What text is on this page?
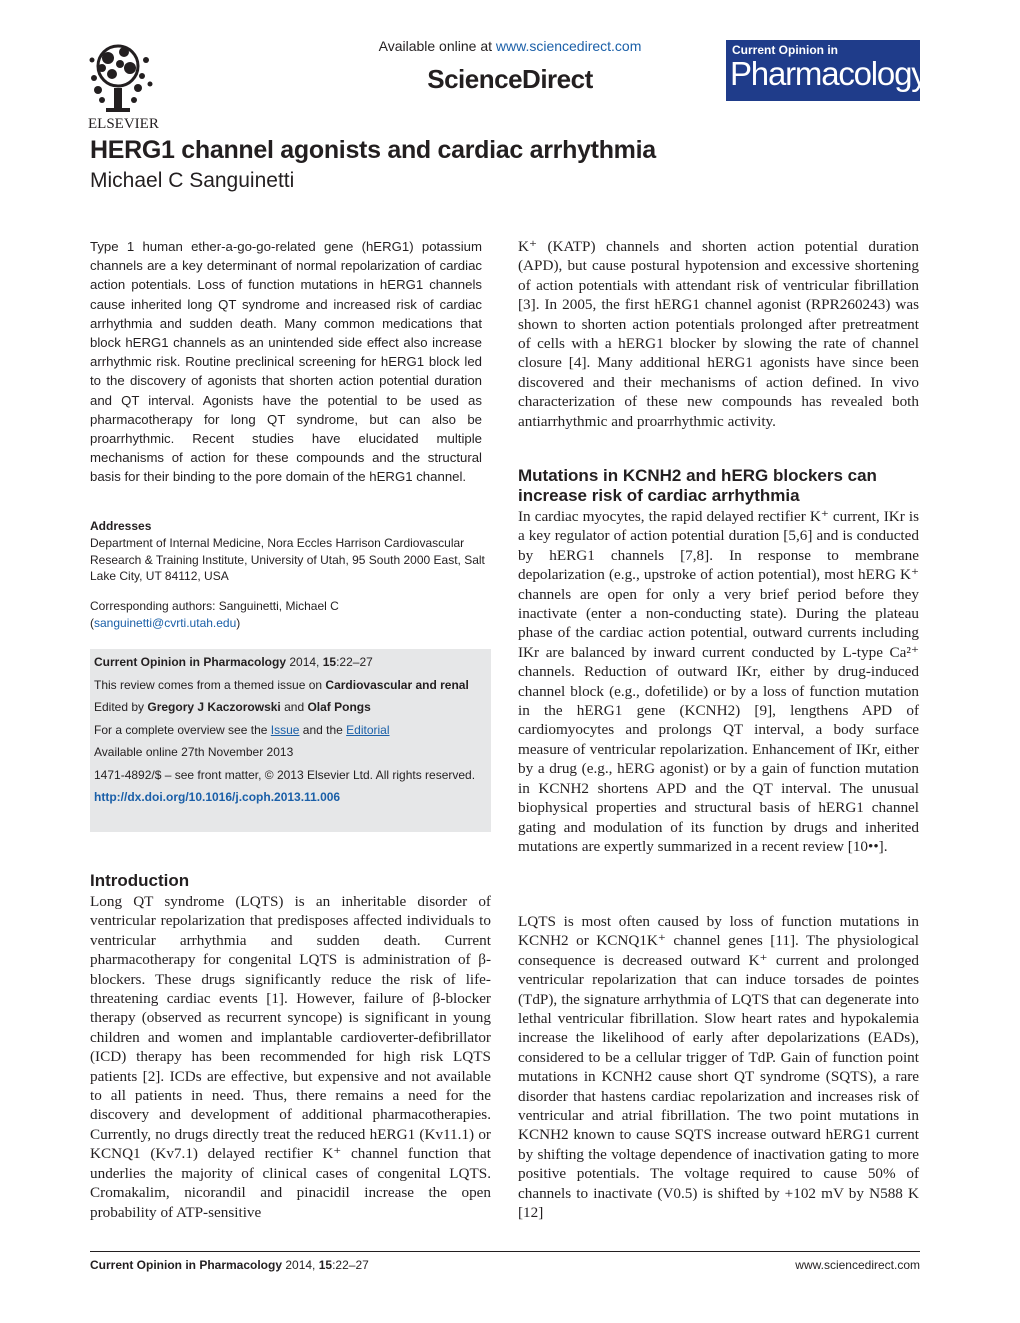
ELSEVIER
Available online at www.sciencedirect.com
ScienceDirect
Current Opinion in
Pharmacology
HERG1 channel agonists and cardiac arrhythmia
Michael C Sanguinetti

Type 1 human ether-a-go-go-related gene (hERG1) potassium channels are a key determinant of normal repolarization of cardiac action potentials. Loss of function mutations in hERG1 channels cause inherited long QT syndrome and increased risk of cardiac arrhythmia and sudden death. Many common medications that block hERG1 channels as an unintended side effect also increase arrhythmic risk. Routine preclinical screening for hERG1 block led to the discovery of agonists that shorten action potential duration and QT interval. Agonists have the potential to be used as pharmacotherapy for long QT syndrome, but can also be proarrhythmic. Recent studies have elucidated multiple mechanisms of action for these compounds and the structural basis for their binding to the pore domain of the hERG1 channel.

Addresses

Department of Internal Medicine, Nora Eccles Harrison Cardiovascular Research & Training Institute, University of Utah, 95 South 2000 East, Salt Lake City, UT 84112, USA

Corresponding authors: Sanguinetti, Michael C
(sanguinetti@cvrti.utah.edu)

Current Opinion in Pharmacology 2014, 15:22–27
This review comes from a themed issue on Cardiovascular and renal
Edited by Gregory J Kaczorowski and Olaf Pongs
For a complete overview see the Issue and the Editorial
Available online 27th November 2013
1471-4892/$ – see front matter, © 2013 Elsevier Ltd. All rights reserved.
http://dx.doi.org/10.1016/j.coph.2013.11.006
Introduction

Long QT syndrome (LQTS) is an inheritable disorder of ventricular repolarization that predisposes affected individuals to ventricular arrhythmia and sudden death. Current pharmacotherapy for congenital LQTS is administration of β-blockers. These drugs significantly reduce the risk of life-threatening cardiac events [1]. However, failure of β-blocker therapy (observed as recurrent syncope) is significant in young children and women and implantable cardioverter-defibrillator (ICD) therapy has been recommended for high risk LQTS patients [2]. ICDs are effective, but expensive and not available to all patients in need. Thus, there remains a need for the discovery and development of additional pharmacotherapies. Currently, no drugs directly treat the reduced hERG1 (Kv11.1) or KCNQ1 (Kv7.1) delayed rectifier K⁺ channel function that underlies the majority of clinical cases of congenital LQTS. Cromakalim, nicorandil and pinacidil increase the open probability of ATP-sensitive

K⁺ (KATP) channels and shorten action potential duration (APD), but cause postural hypotension and excessive shortening of action potentials with attendant risk of ventricular fibrillation [3]. In 2005, the first hERG1 channel agonist (RPR260243) was shown to shorten action potentials prolonged after pretreatment of cells with a hERG1 blocker by slowing the rate of channel closure [4]. Many additional hERG1 agonists have since been discovered and their mechanisms of action defined. In vivo characterization of these new compounds has revealed both antiarrhythmic and proarrhythmic activity.

Mutations in KCNH2 and hERG blockers can increase risk of cardiac arrhythmia

In cardiac myocytes, the rapid delayed rectifier K⁺ current, IKr is a key regulator of action potential duration [5,6] and is conducted by hERG1 channels [7,8]. In response to membrane depolarization (e.g., upstroke of action potential), most hERG K⁺ channels are open for only a very brief period before they inactivate (enter a non-conducting state). During the plateau phase of the cardiac action potential, outward currents including IKr are balanced by inward current conducted by L-type Ca²⁺ channels. Reduction of outward IKr, either by drug-induced channel block (e.g., dofetilide) or by a loss of function mutation in the hERG1 gene (KCNH2) [9], lengthens APD of cardiomyocytes and prolongs QT interval, a body surface measure of ventricular repolarization. Enhancement of IKr, either by a drug (e.g., hERG agonist) or by a gain of function mutation in KCNH2 shortens APD and the QT interval. The unusual biophysical properties and structural basis of hERG1 channel gating and modulation of its function by drugs and inherited mutations are expertly summarized in a recent review [10••].

LQTS is most often caused by loss of function mutations in KCNH2 or KCNQ1K⁺ channel genes [11]. The physiological consequence is decreased outward K⁺ current and prolonged ventricular repolarization that can induce torsades de pointes (TdP), the signature arrhythmia of LQTS that can degenerate into lethal ventricular fibrillation. Slow heart rates and hypokalemia increase the likelihood of early after depolarizations (EADs), considered to be a cellular trigger of TdP. Gain of function point mutations in KCNH2 cause short QT syndrome (SQTS), a rare disorder that hastens cardiac repolarization and increases risk of ventricular and atrial fibrillation. The two point mutations in KCNH2 known to cause SQTS increase outward hERG1 current by shifting the voltage dependence of inactivation gating to more positive potentials. The voltage required to cause 50% of channels to inactivate (V0.5) is shifted by +102 mV by N588 K [12]

Current Opinion in Pharmacology 2014, 15:22–27	www.sciencedirect.com
